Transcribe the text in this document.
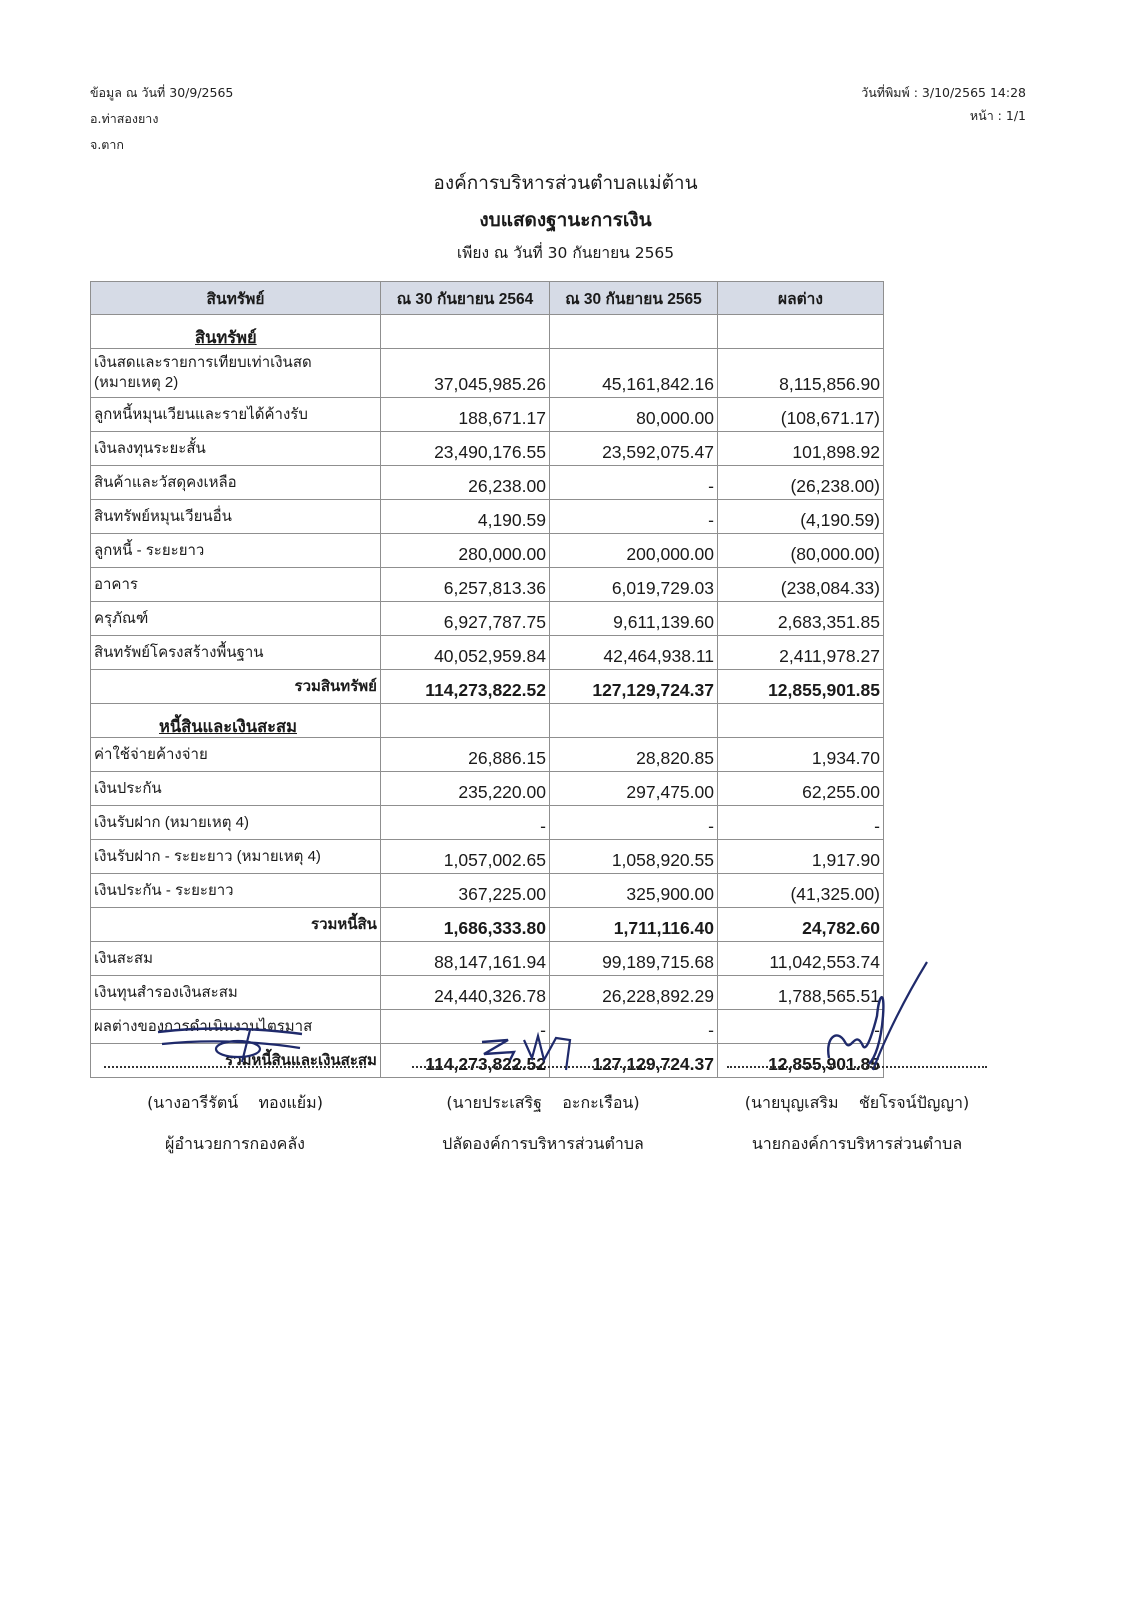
ข้อมูล ณ วันที่ 30/9/2565
อ.ท่าสองยาง
จ.ตาก
วันที่พิมพ์ : 3/10/2565 14:28
หน้า : 1/1
องค์การบริหารส่วนตำบลแม่ต้าน
งบแสดงฐานะการเงิน
เพียง ณ วันที่ 30 กันยายน 2565
สินทรัพย์	ณ 30 กันยายน 2564	ณ 30 กันยายน 2565	ผลต่าง
สินทรัพย์			
เงินสดและรายการเทียบเท่าเงินสด (หมายเหตุ 2)	37,045,985.26	45,161,842.16	8,115,856.90
ลูกหนี้หมุนเวียนและรายได้ค้างรับ	188,671.17	80,000.00	(108,671.17)
เงินลงทุนระยะสั้น	23,490,176.55	23,592,075.47	101,898.92
สินค้าและวัสดุคงเหลือ	26,238.00	-	(26,238.00)
สินทรัพย์หมุนเวียนอื่น	4,190.59	-	(4,190.59)
ลูกหนี้ - ระยะยาว	280,000.00	200,000.00	(80,000.00)
อาคาร	6,257,813.36	6,019,729.03	(238,084.33)
ครุภัณฑ์	6,927,787.75	9,611,139.60	2,683,351.85
สินทรัพย์โครงสร้างพื้นฐาน	40,052,959.84	42,464,938.11	2,411,978.27
รวมสินทรัพย์	114,273,822.52	127,129,724.37	12,855,901.85
หนี้สินและเงินสะสม			
ค่าใช้จ่ายค้างจ่าย	26,886.15	28,820.85	1,934.70
เงินประกัน	235,220.00	297,475.00	62,255.00
เงินรับฝาก (หมายเหตุ 4)	-	-	-
เงินรับฝาก - ระยะยาว (หมายเหตุ 4)	1,057,002.65	1,058,920.55	1,917.90
เงินประกัน - ระยะยาว	367,225.00	325,900.00	(41,325.00)
รวมหนี้สิน	1,686,333.80	1,711,116.40	24,782.60
เงินสะสม	88,147,161.94	99,189,715.68	11,042,553.74
เงินทุนสำรองเงินสะสม	24,440,326.78	26,228,892.29	1,788,565.51
ผลต่างของการดำเนินงานไตรมาส	-	-	-
รวมหนี้สินและเงินสะสม	114,273,822.52	127,129,724.37	12,855,901.85
(นางอารีรัตน์    ทองแย้ม)	(นายประเสริฐ    อะกะเรือน)	(นายบุญเสริม    ชัยโรจน์ปัญญา)
ผู้อำนวยการกองคลัง	ปลัดองค์การบริหารส่วนตำบล	นายกองค์การบริหารส่วนตำบล
